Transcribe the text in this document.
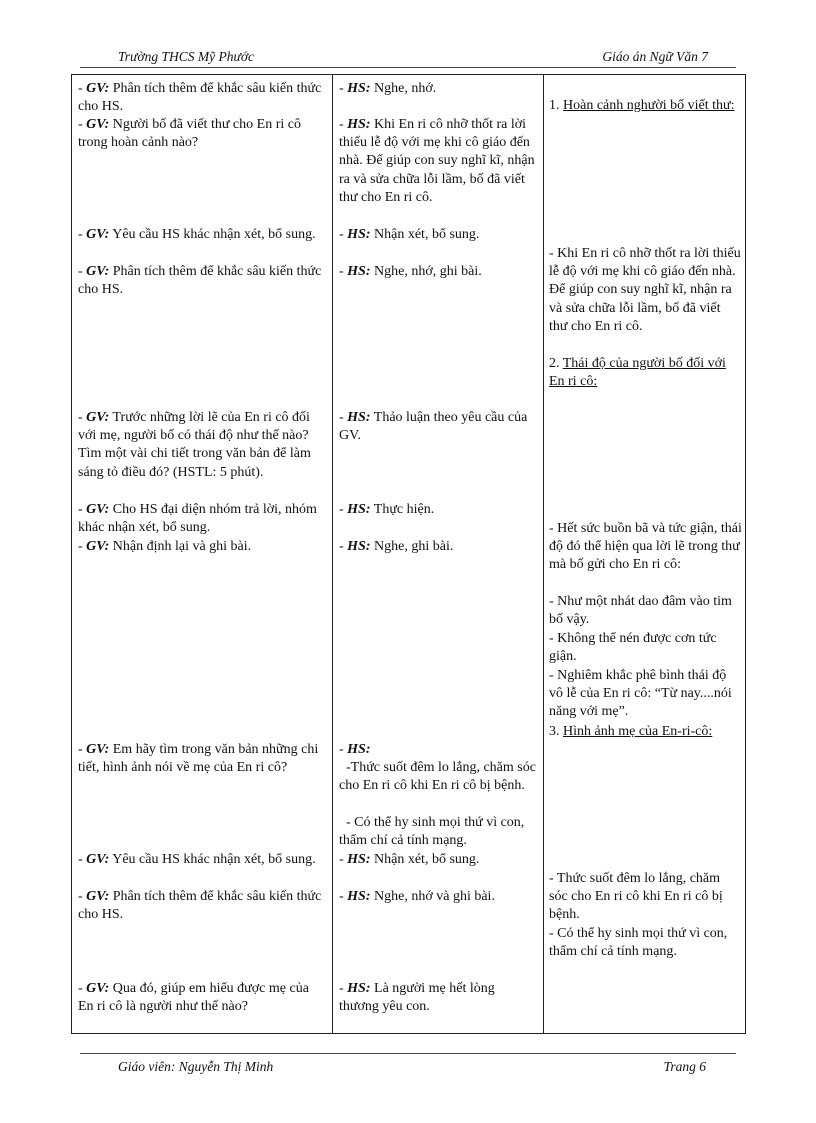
Trường THCS Mỹ Phước	Giáo án Ngữ Văn 7

- GV: Phân tích thêm để khắc sâu kiến thức cho HS.

- GV: Người bố đã viết thư cho En ri cô trong hoàn cảnh nào?

- GV: Yêu cầu HS khác nhận xét, bổ sung.

- GV: Phân tích thêm để khắc sâu kiến thức cho HS.

- GV: Trước những lời lẽ của En ri cô đối với mẹ, người bố có thái độ như thế nào? Tìm một vài chi tiết trong văn bản để làm sáng tỏ điều đó? (HSTL: 5 phút).

- GV: Cho HS đại diện nhóm trả lời, nhóm khác nhận xét, bổ sung.

- GV: Nhận định lại và ghi bài.

- GV: Em hãy tìm trong văn bản những chi tiết, hình ảnh nói về mẹ của En ri cô?

- GV: Yêu cầu HS khác nhận xét, bổ sung.

- GV: Phân tích thêm để khắc sâu kiến thức cho HS.

- GV: Qua đó, giúp em hiểu được mẹ của En ri cô là người như thế nào?

- HS: Nghe, nhớ.

- HS: Khi En ri cô nhỡ thốt ra lời thiếu lễ độ với mẹ khi cô giáo đến nhà. Để giúp con suy nghĩ kĩ, nhận ra và sửa chữa lỗi lầm, bố đã viết thư cho En ri cô.

- HS: Nhận xét, bổ sung.

- HS: Nghe, nhớ, ghi bài.

- HS: Thảo luận theo yêu cầu của GV.

- HS: Thực hiện.

- HS: Nghe, ghi bài.

- HS:

-Thức suốt đêm lo lắng, chăm sóc cho En ri cô khi En ri cô bị bệnh.

- Có thể hy sinh mọi thứ vì con, thẩm chí cả tính mạng.

- HS: Nhận xét, bổ sung.

- HS: Nghe, nhớ và ghi bài.

- HS: Là người mẹ hết lòng thương yêu con.

1. Hoàn cảnh nghười bố viết thư:

- Khi En ri cô nhỡ thốt ra lời thiếu lễ độ với mẹ khi cô giáo đến nhà. Để giúp con suy nghĩ kĩ, nhận ra và sửa chữa lỗi lầm, bố đã viết thư cho En ri cô.

2. Thái độ của người bố đối với En ri cô:

- Hết sức buồn bã và tức giận, thái độ đó thể hiện qua lời lẽ trong thư mà bố gửi cho En ri cô:

- Như một nhát dao đâm vào tim bố vậy.

- Không thể nén được cơn tức giận.

- Nghiêm khắc phê bình thái độ vô lễ của En ri cô: “Từ nay....nói năng với mẹ”.

3. Hình ảnh mẹ của En-ri-cô:

- Thức suốt đêm lo lắng, chăm sóc cho En ri cô khi En ri cô bị bệnh.

- Có thể hy sinh mọi thứ vì con, thẩm chí cả tính mạng.

Giáo viên: Nguyễn Thị Minh	Trang 6
